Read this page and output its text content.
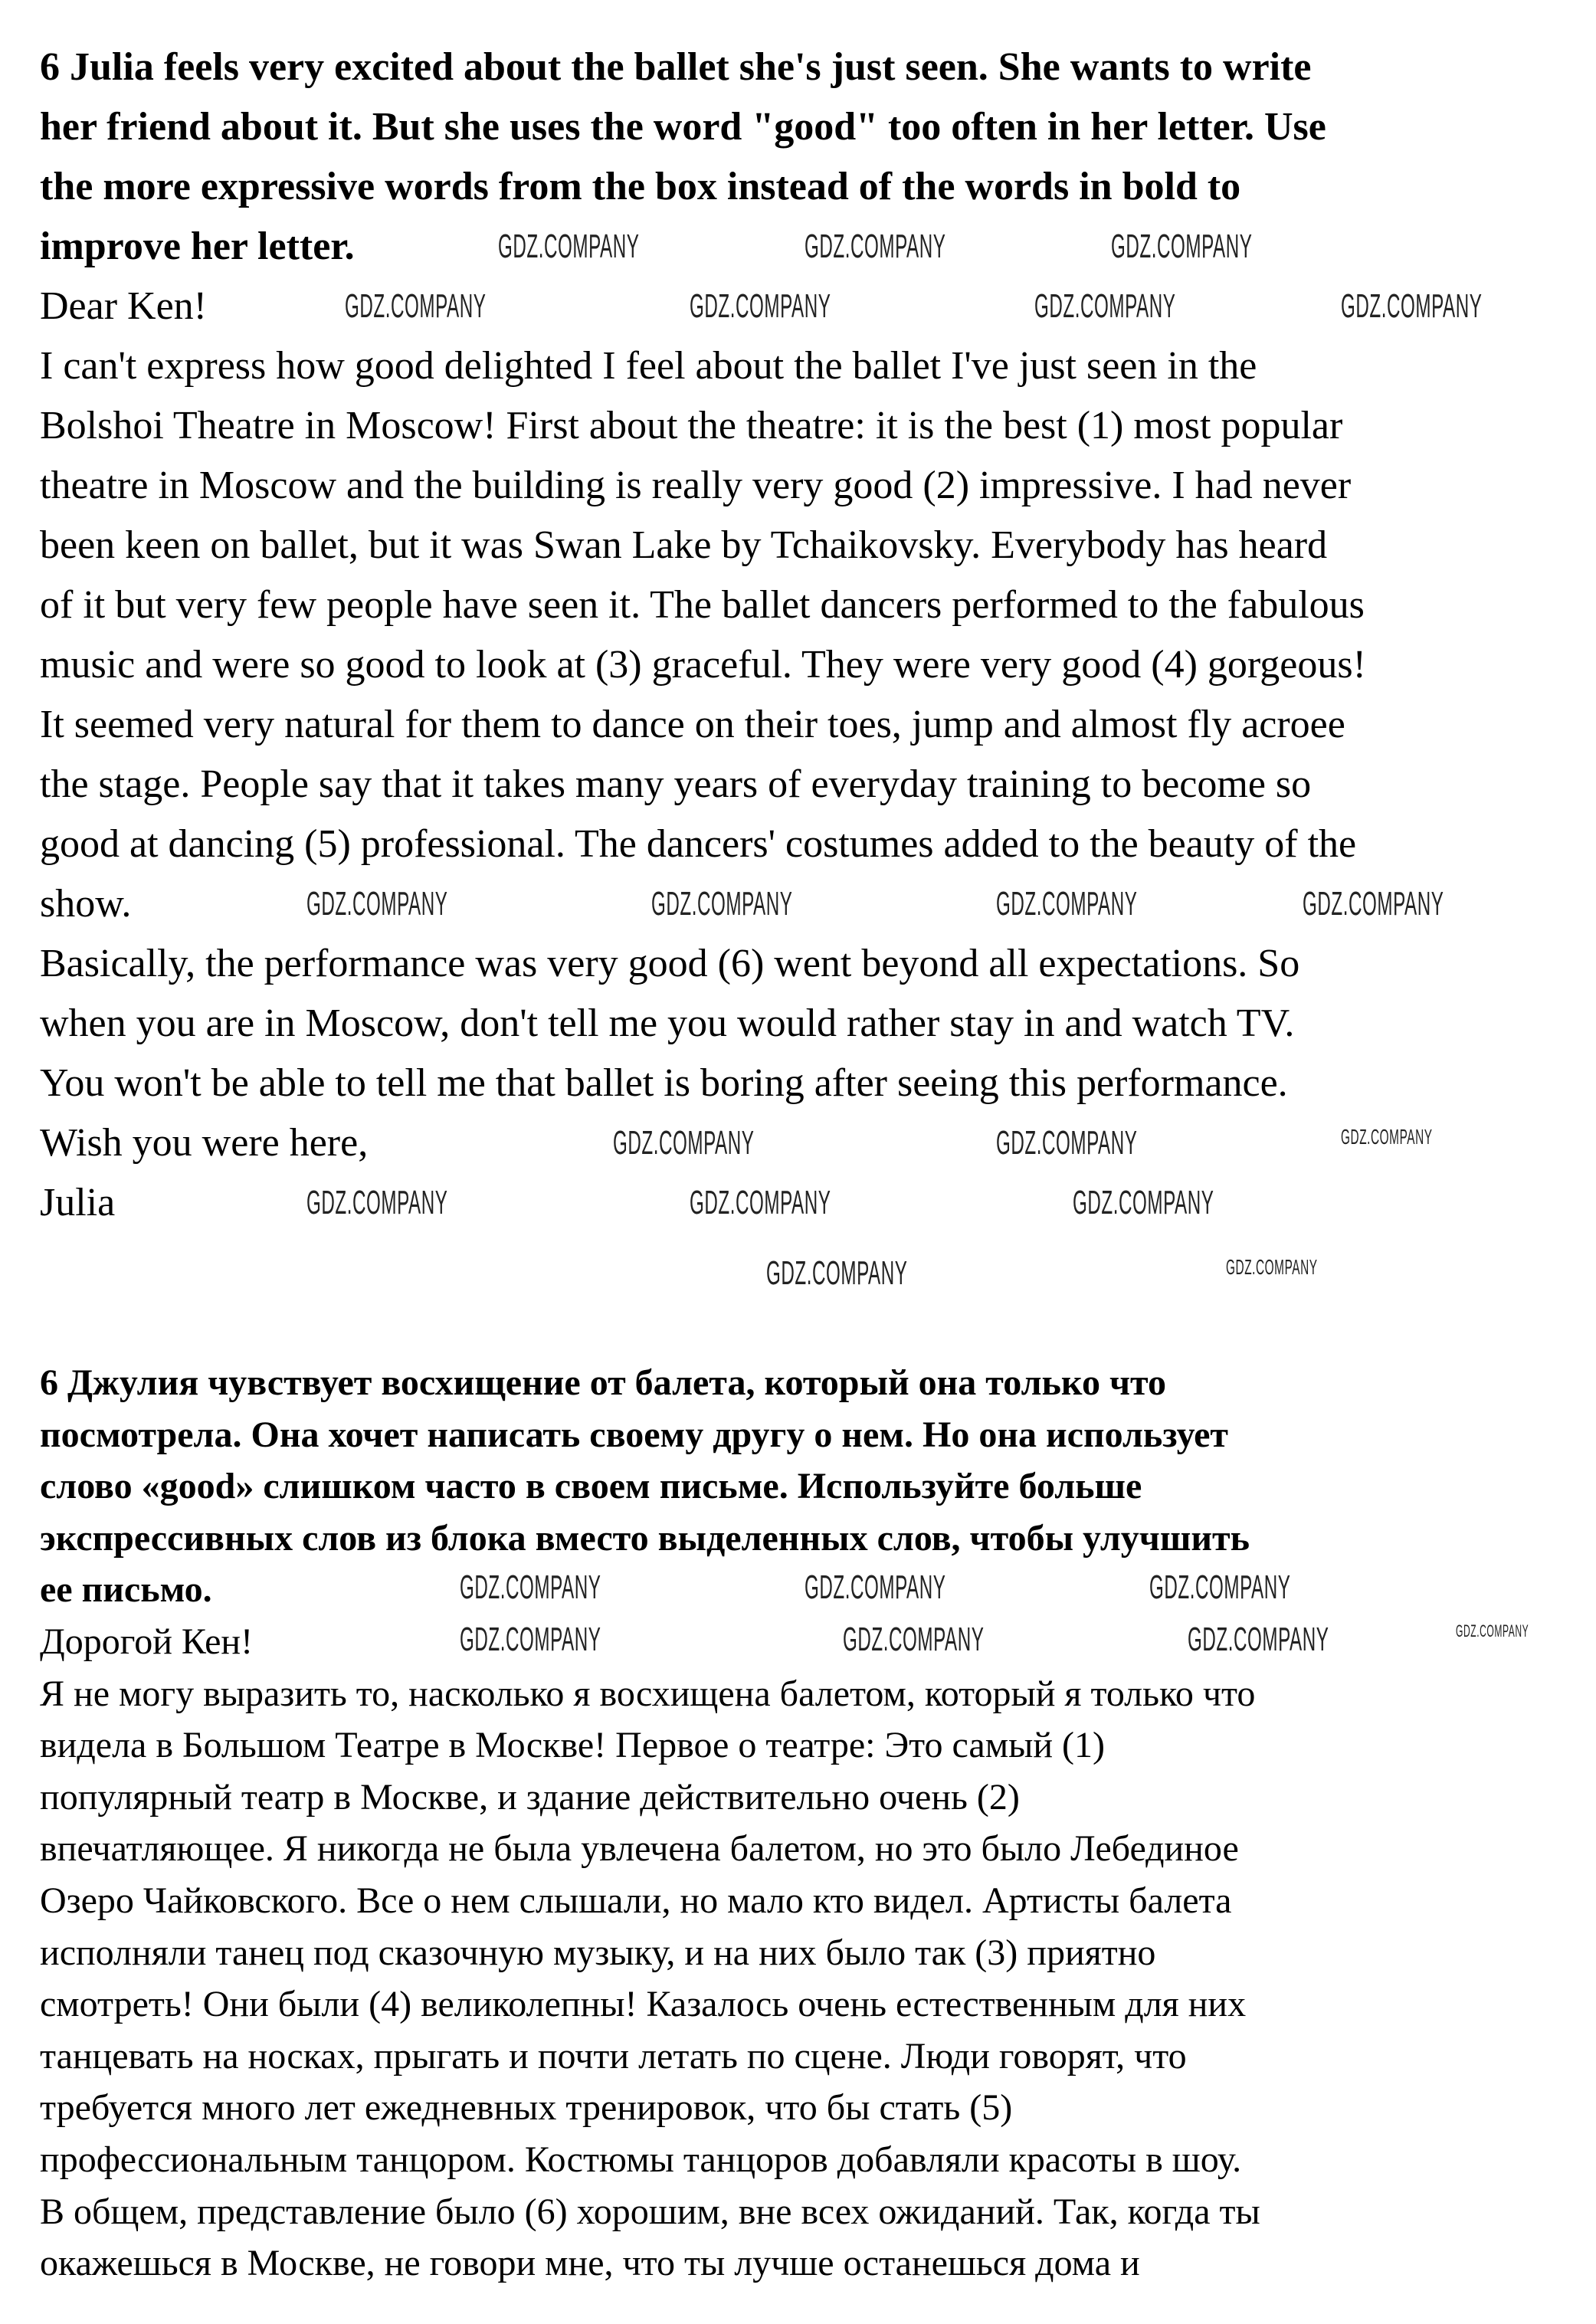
6 Julia feels very excited about the ballet she's just seen. She wants to write
her friend about it. But she uses the word "good" too often in her letter. Use
the more expressive words from the box instead of the words in bold to
improve her letter.
Dear Ken!
I can't express how good delighted I feel about the ballet I've just seen in the
Bolshoi Theatre in Moscow! First about the theatre: it is the best (1) most popular
theatre in Moscow and the building is really very good (2) impressive. I had never
been keen on ballet, but it was Swan Lake by Tchaikovsky. Everybody has heard
of it but very few people have seen it. The ballet dancers performed to the fabulous
music and were so good to look at (3) graceful. They were very good (4) gorgeous!
It seemed very natural for them to dance on their toes, jump and almost fly acroee
the stage. People say that it takes many years of everyday training to become so
good at dancing (5) professional. The dancers' costumes added to the beauty of the
show.
Basically, the performance was very good (6) went beyond all expectations. So
when you are in Moscow, don't tell me you would rather stay in and watch TV.
You won't be able to tell me that ballet is boring after seeing this performance.
Wish you were here,
Julia
6 Джулия чувствует восхищение от балета, который она только что
посмотрела. Она хочет написать своему другу о нем. Но она использует
слово «good» слишком часто в своем письме. Используйте больше
экспрессивных слов из блока вместо выделенных слов, чтобы улучшить
ее письмо.
Дорогой Кен!
Я не могу выразить то, насколько я восхищена балетом, который я только что
видела в Большом Театре в Москве! Первое о театре: Это самый (1)
популярный театр в Москве, и здание действительно очень (2)
впечатляющее. Я никогда не была увлечена балетом, но это было Лебединое
Озеро Чайковского. Все о нем слышали, но мало кто видел. Артисты балета
исполняли танец под сказочную музыку, и на них было так (3) приятно
смотреть! Они были (4) великолепны! Казалось очень естественным для них
танцевать на носках, прыгать и почти летать по сцене. Люди говорят, что
требуется много лет ежедневных тренировок, что бы стать (5)
профессиональным танцором. Костюмы танцоров добавляли красоты в шоу.
В общем, представление было (6) хорошим, вне всех ожиданий. Так, когда ты
окажешься в Москве, не говори мне, что ты лучше останешься дома и
GDZ.COMPANY	GDZ.COMPANY	GDZ.COMPANY
GDZ.COMPANY	GDZ.COMPANY	GDZ.COMPANY	GDZ.COMPANY
GDZ.COMPANY	GDZ.COMPANY	GDZ.COMPANY	GDZ.COMPANY
GDZ.COMPANY	GDZ.COMPANY	GDZ.COMPANY
GDZ.COMPANY	GDZ.COMPANY	GDZ.COMPANY
GDZ.COMPANY	GDZ.COMPANY
GDZ.COMPANY	GDZ.COMPANY	GDZ.COMPANY
GDZ.COMPANY	GDZ.COMPANY	GDZ.COMPANY	GDZ.COMPANY
